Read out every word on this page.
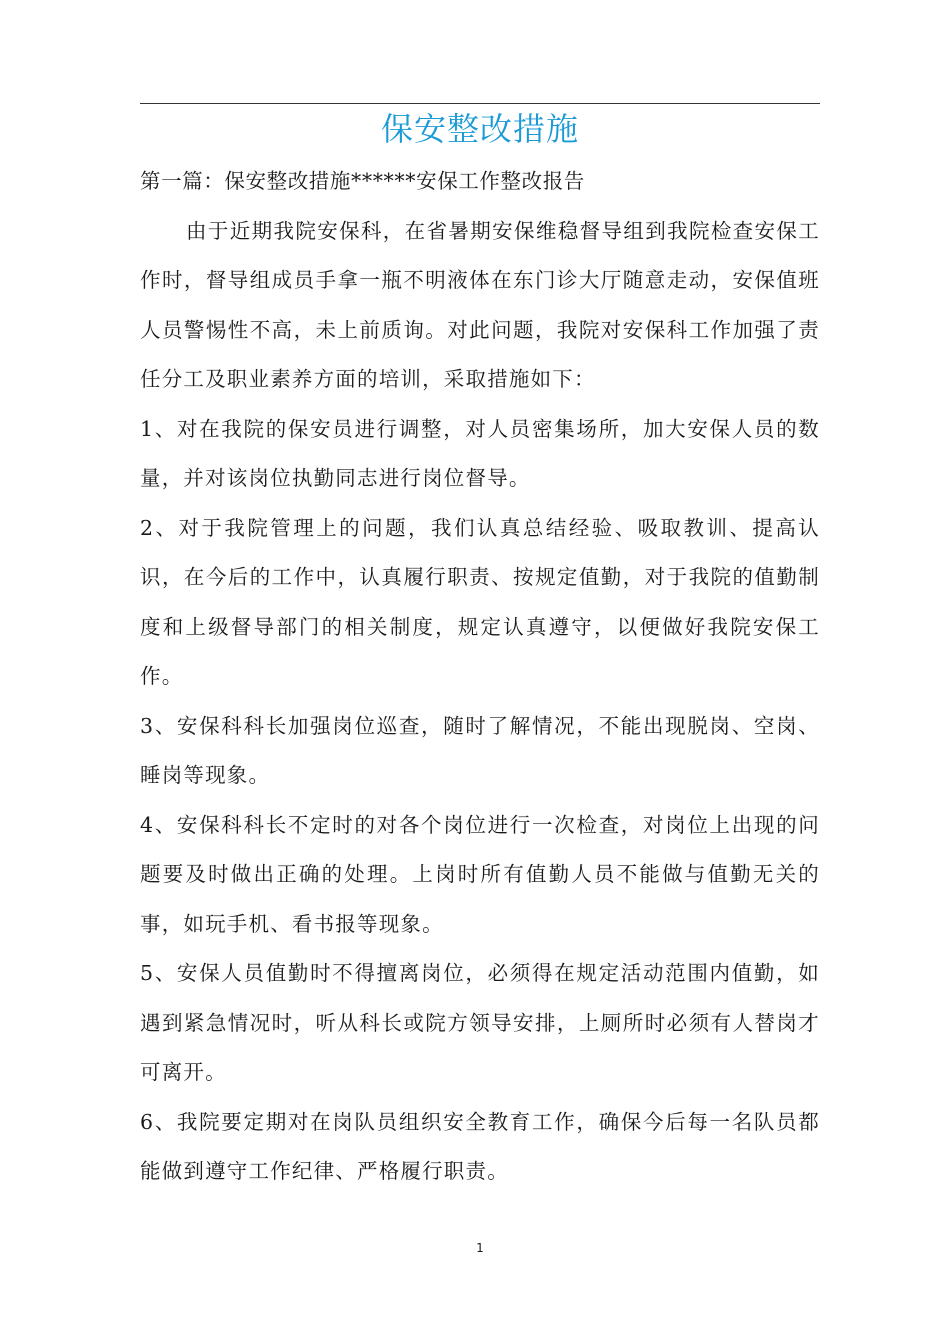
保安整改措施

第一篇：保安整改措施******安保工作整改报告

由于近期我院安保科，在省暑期安保维稳督导组到我院检查安保工作时，督导组成员手拿一瓶不明液体在东门诊大厅随意走动，安保值班人员警惕性不高，未上前质询。对此问题，我院对安保科工作加强了责任分工及职业素养方面的培训，采取措施如下：

1、对在我院的保安员进行调整，对人员密集场所，加大安保人员的数量，并对该岗位执勤同志进行岗位督导。

2、对于我院管理上的问题，我们认真总结经验、吸取教训、提高认识，在今后的工作中，认真履行职责、按规定值勤，对于我院的值勤制度和上级督导部门的相关制度，规定认真遵守，以便做好我院安保工作。

3、安保科科长加强岗位巡查，随时了解情况，不能出现脱岗、空岗、睡岗等现象。

4、安保科科长不定时的对各个岗位进行一次检查，对岗位上出现的问题要及时做出正确的处理。上岗时所有值勤人员不能做与值勤无关的事，如玩手机、看书报等现象。

5、安保人员值勤时不得擅离岗位，必须得在规定活动范围内值勤，如遇到紧急情况时，听从科长或院方领导安排，上厕所时必须有人替岗才可离开。

6、我院要定期对在岗队员组织安全教育工作，确保今后每一名队员都能做到遵守工作纪律、严格履行职责。

1
